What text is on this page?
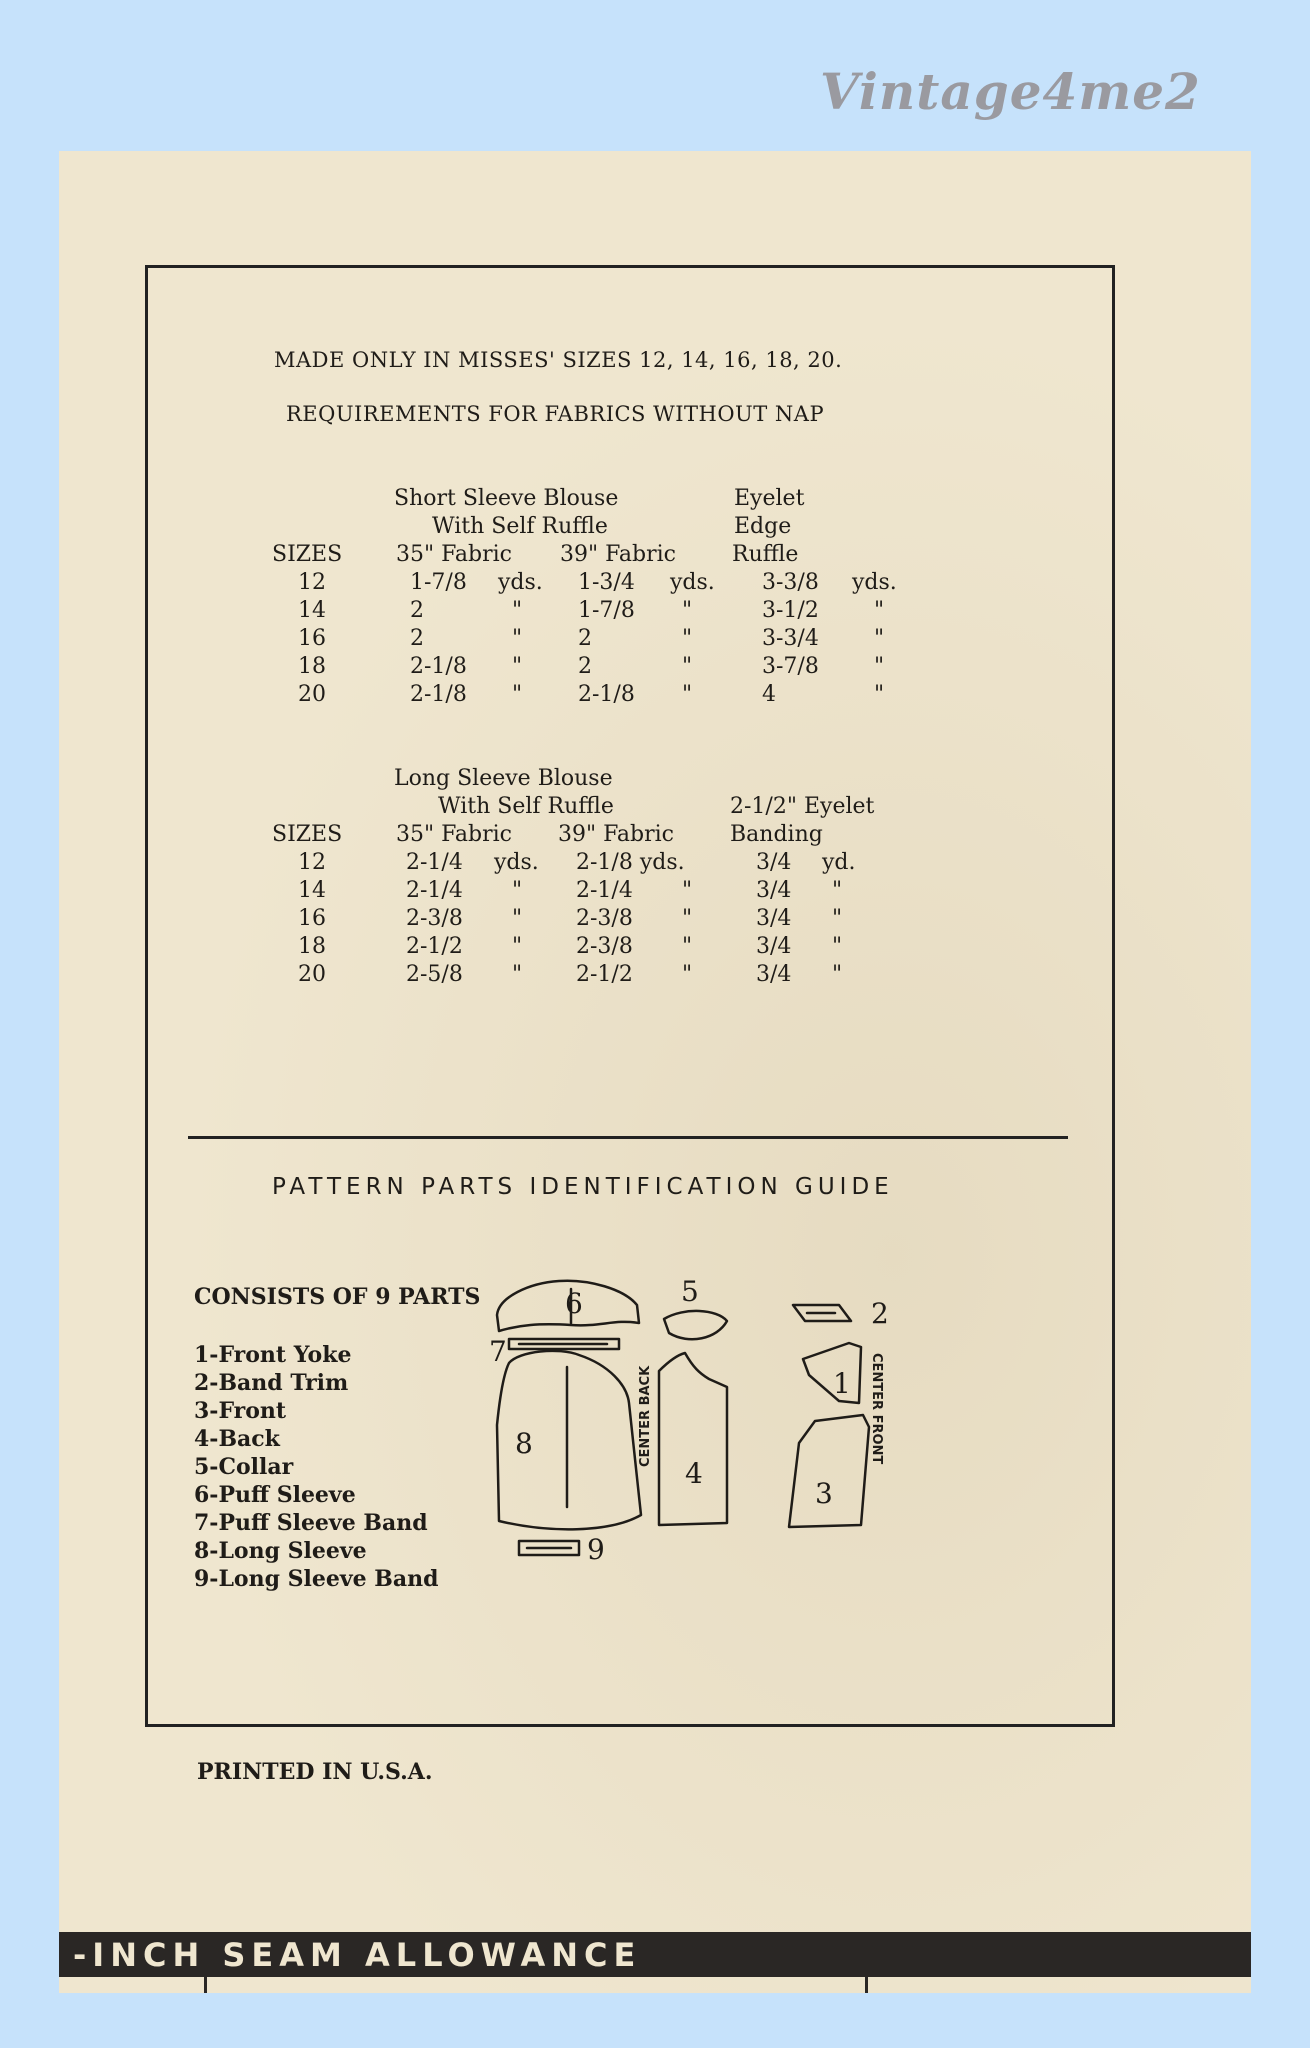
Vintage4me2
MADE ONLY IN MISSES' SIZES 12, 14, 16, 18, 20.
REQUIREMENTS FOR FABRICS WITHOUT NAP
Short Sleeve Blouse
With Self Ruffle
Eyelet
Edge
Ruffle
SIZES 35" Fabric 39" Fabric
12	1-7/8 yds. 1-3/4 yds. 3-3/8 yds.
14	2	"	1-7/8 "	3-1/2	"
16	2	"	2	"	3-3/4	"
18	2-1/8 "	2	"	3-7/8	"
20	2-1/8 "	2-1/8 "	4	"
Long Sleeve Blouse
With Self Ruffle	2-1/2" Eyelet
Banding
SIZES 35" Fabric 39" Fabric
12	2-1/4 yds. 2-1/8 yds.	3/4 yd.
14	2-1/4 " 2-1/4 "	3/4 "
16	2-3/8 " 2-3/8 "	3/4 "
18	2-1/2 " 2-3/8 "	3/4 "
20	2-5/8 " 2-1/2 "	3/4 "
PATTERN PARTS IDENTIFICATION GUIDE
CONSISTS OF 9 PARTS
1-Front Yoke
2-Band Trim
3-Front
4-Back
5-Collar
6-Puff Sleeve
7-Puff Sleeve Band
8-Long Sleeve
9-Long Sleeve Band
6	5
2
7
1
8
4
3
9
CENTER BACK	CENTER FRONT
PRINTED IN U.S.A.
-INCH SEAM ALLOWANCE
